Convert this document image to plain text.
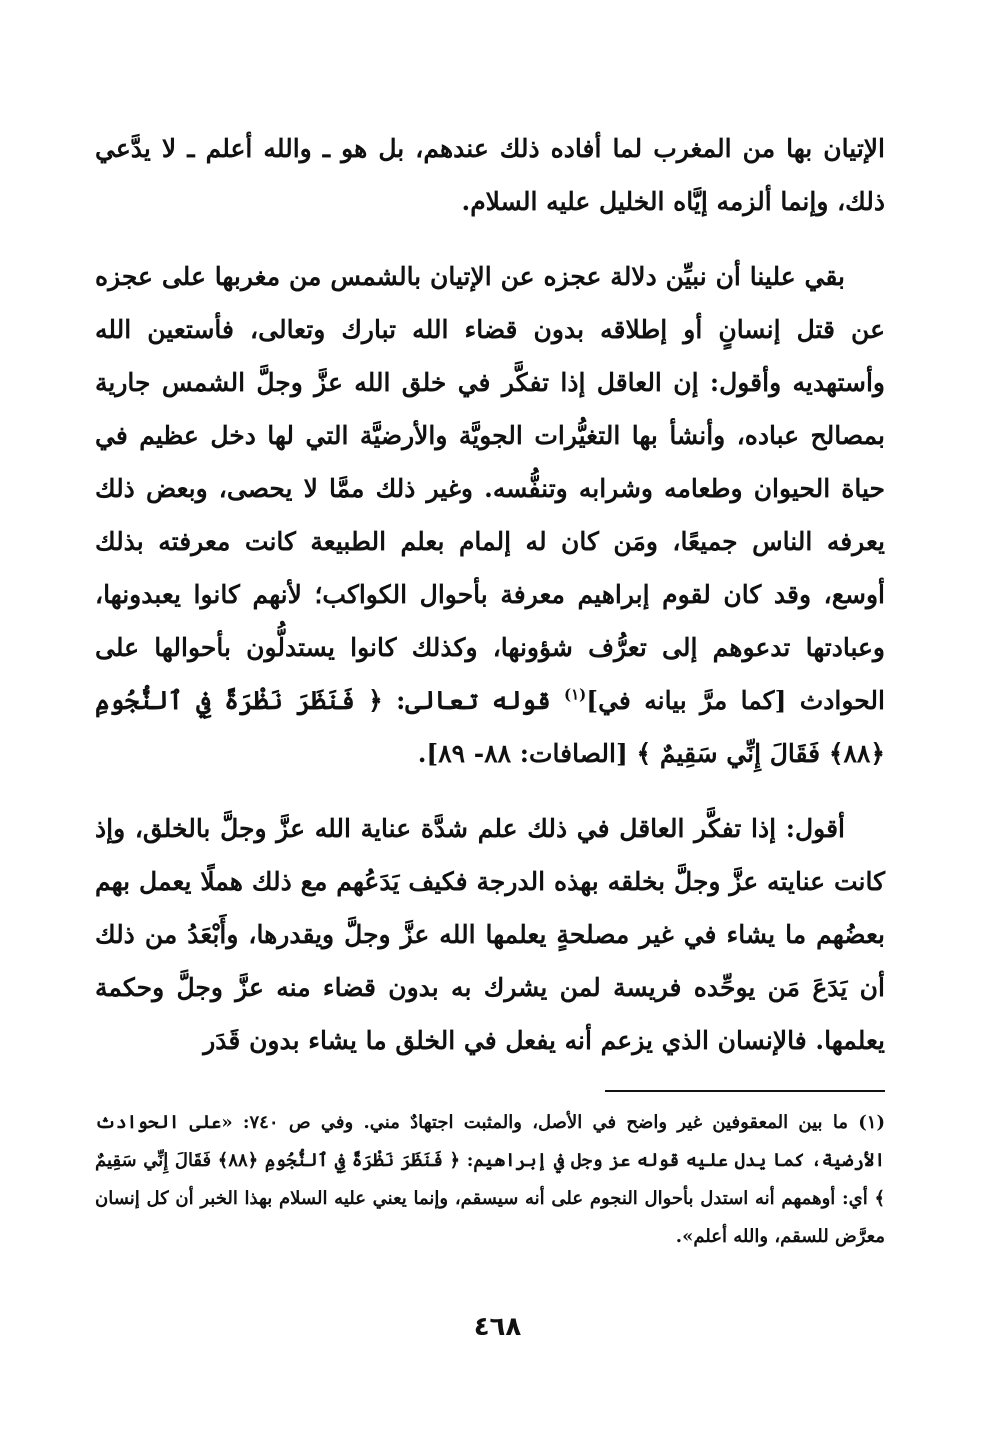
الإتيان بها من المغرب لما أفاده ذلك عندهم، بل هو ـ والله أعلم ـ لا يدَّعي ذلك، وإنما ألزمه إيَّاه الخليل عليه السلام.

بقي علينا أن نبيِّن دلالة عجزه عن الإتيان بالشمس من مغربها على عجزه عن قتل إنسانٍ أو إطلاقه بدون قضاء الله تبارك وتعالى، فأستعين الله وأستهديه وأقول: إن العاقل إذا تفكَّر في خلق الله عزَّ وجلَّ الشمس جارية بمصالح عباده، وأنشأ بها التغيُّرات الجويَّة والأرضيَّة التي لها دخل عظيم في حياة الحيوان وطعامه وشرابه وتنفُّسه. وغير ذلك ممَّا لا يحصى، وبعض ذلك يعرفه الناس جميعًا، ومَن كان له إلمام بعلم الطبيعة كانت معرفته بذلك أوسع، وقد كان لقوم إبراهيم معرفة بأحوال الكواكب؛ لأنهم كانوا يعبدونها، وعبادتها تدعوهم إلى تعرُّف شؤونها، وكذلك كانوا يستدلُّون بأحوالها على الحوادث [كما مرَّ بيانه في]$^{(١)}$ قوله تعالى: ﴿ فَنَظَرَ نَظْرَةً فِي ٱلنُّجُومِ ﴿٨٨﴾ فَقَالَ إِنِّي سَقِيمٌ ﴾ [الصافات: ٨٨- ٨٩].

أقول: إذا تفكَّر العاقل في ذلك علم شدَّة عناية الله عزَّ وجلَّ بالخلق، وإذ كانت عنايته عزَّ وجلَّ بخلقه بهذه الدرجة فكيف يَدَعُهم مع ذلك هملًا يعمل بهم بعضُهم ما يشاء في غير مصلحةٍ يعلمها الله عزَّ وجلَّ ويقدرها، وأَبْعَدُ من ذلك أن يَدَعَ مَن يوحِّده فريسة لمن يشرك به بدون قضاء منه عزَّ وجلَّ وحكمة يعلمها. فالإنسان الذي يزعم أنه يفعل في الخلق ما يشاء بدون قَدَر

(١) ما بين المعقوفين غير واضح في الأصل، والمثبت اجتهادٌ مني. وفي ص ٧٤٠: «على الحوادث الأرضية، كما يدل عليه قوله عز وجل في إبراهيم: ﴿ فَنَظَرَ نَظْرَةً فِي ٱلنُّجُومِ ﴿٨٨﴾ فَقَالَ إِنِّي سَقِيمٌ ﴾ أي: أوهمهم أنه استدل بأحوال النجوم على أنه سيسقم، وإنما يعني عليه السلام بهذا الخبر أن كل إنسان معرَّض للسقم، والله أعلم».
٤٦٨
